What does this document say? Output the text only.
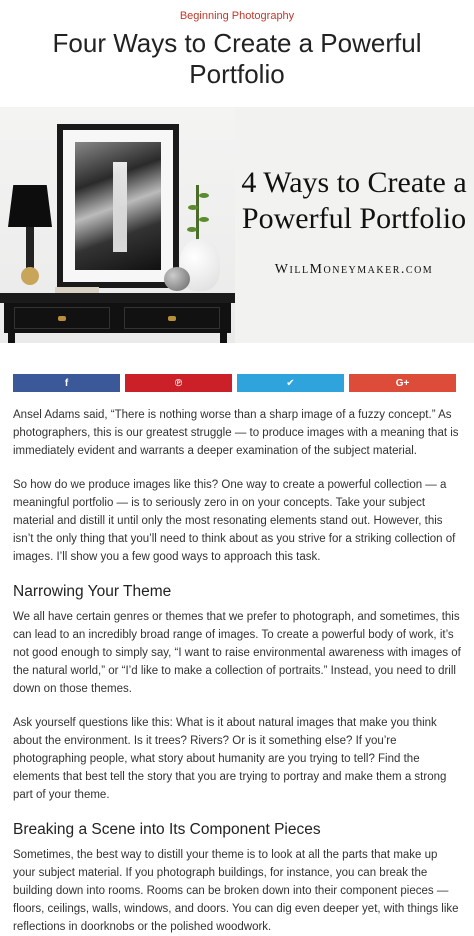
Beginning Photography
Four Ways to Create a Powerful Portfolio
4 Ways to Create a
Powerful Portfolio
WillMoneymaker.com
f	℗	✔	G+

Ansel Adams said, “There is nothing worse than a sharp image of a fuzzy concept.” As photographers, this is our greatest struggle — to produce images with a meaning that is immediately evident and warrants a deeper examination of the subject material.

So how do we produce images like this? One way to create a powerful collection — a meaningful portfolio — is to seriously zero in on your concepts. Take your subject material and distill it until only the most resonating elements stand out. However, this isn’t the only thing that you’ll need to think about as you strive for a striking collection of images. I’ll show you a few good ways to approach this task.

Narrowing Your Theme

We all have certain genres or themes that we prefer to photograph, and sometimes, this can lead to an incredibly broad range of images. To create a powerful body of work, it’s not good enough to simply say, “I want to raise environmental awareness with images of the natural world,” or “I’d like to make a collection of portraits.” Instead, you need to drill down on those themes.

Ask yourself questions like this: What is it about natural images that make you think about the environment. Is it trees? Rivers? Or is it something else? If you’re photographing people, what story about humanity are you trying to tell? Find the elements that best tell the story that you are trying to portray and make them a strong part of your theme.

Breaking a Scene into Its Component Pieces

Sometimes, the best way to distill your theme is to look at all the parts that make up your subject material. If you photograph buildings, for instance, you can break the building down into rooms. Rooms can be broken down into their component pieces — floors, ceilings, walls, windows, and doors. You can dig even deeper yet, with things like reflections in doorknobs or the polished woodwork.
